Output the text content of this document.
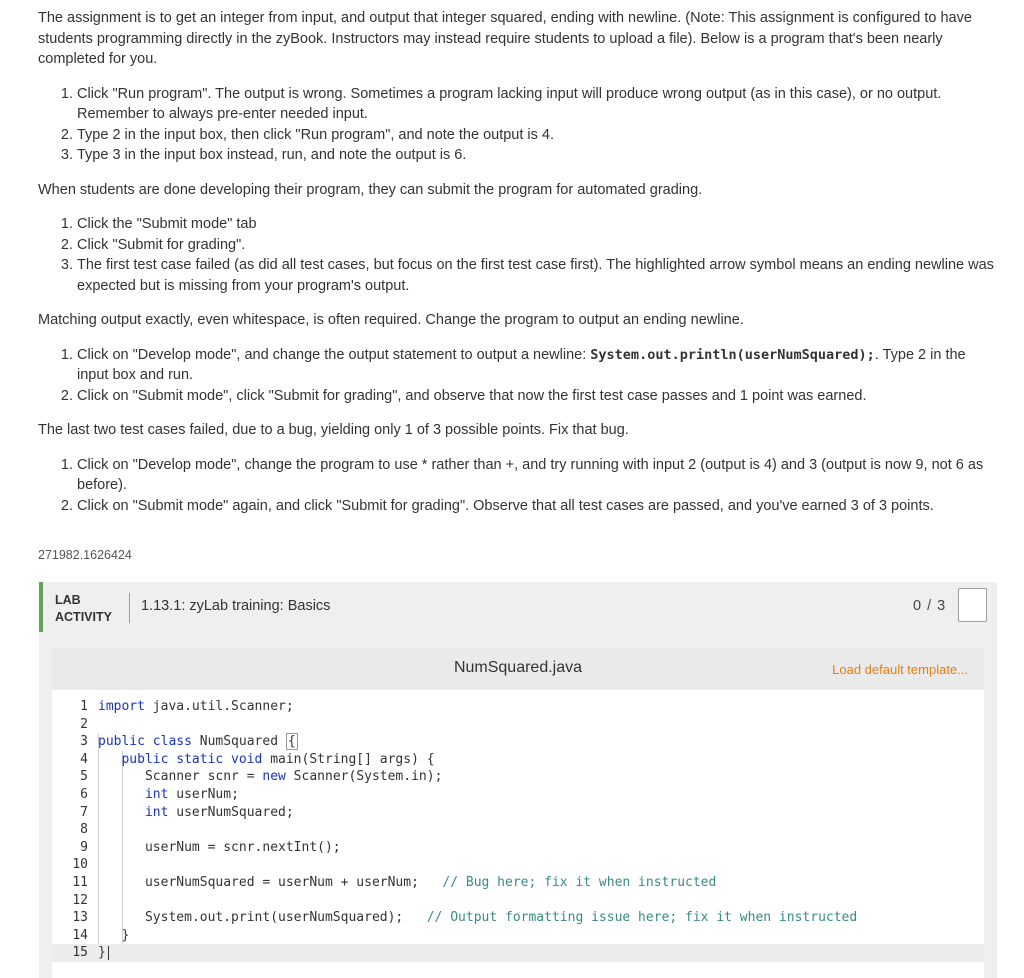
The assignment is to get an integer from input, and output that integer squared, ending with newline. (Note: This assignment is configured to have students programming directly in the zyBook. Instructors may instead require students to upload a file). Below is a program that's been nearly completed for you.

1. Click "Run program". The output is wrong. Sometimes a program lacking input will produce wrong output (as in this case), or no output. Remember to always pre-enter needed input.
2. Type 2 in the input box, then click "Run program", and note the output is 4.
3. Type 3 in the input box instead, run, and note the output is 6.

When students are done developing their program, they can submit the program for automated grading.

1. Click the "Submit mode" tab
2. Click "Submit for grading".
3. The first test case failed (as did all test cases, but focus on the first test case first). The highlighted arrow symbol means an ending newline was expected but is missing from your program's output.

Matching output exactly, even whitespace, is often required. Change the program to output an ending newline.

1. Click on "Develop mode", and change the output statement to output a newline: System.out.println(userNumSquared);. Type 2 in the input box and run.
2. Click on "Submit mode", click "Submit for grading", and observe that now the first test case passes and 1 point was earned.

The last two test cases failed, due to a bug, yielding only 1 of 3 possible points. Fix that bug.

1. Click on "Develop mode", change the program to use * rather than +, and try running with input 2 (output is 4) and 3 (output is now 9, not 6 as before).
2. Click on "Submit mode" again, and click "Submit for grading". Observe that all test cases are passed, and you've earned 3 of 3 points.
271982.1626424
LAB
ACTIVITY
1.13.1: zyLab training: Basics	0 / 3
NumSquared.java	Load default template...
1 import java.util.Scanner;
2
3 public class NumSquared {
4	public static void main(String[] args) {
5	Scanner scnr = new Scanner(System.in);
6	int userNum;
7	int userNumSquared;
8
9	userNum = scnr.nextInt();
10
11	userNumSquared = userNum + userNum; // Bug here; fix it when instructed
12
13	System.out.print(userNumSquared); // Output formatting issue here; fix it when instructed
14	}
15 }
